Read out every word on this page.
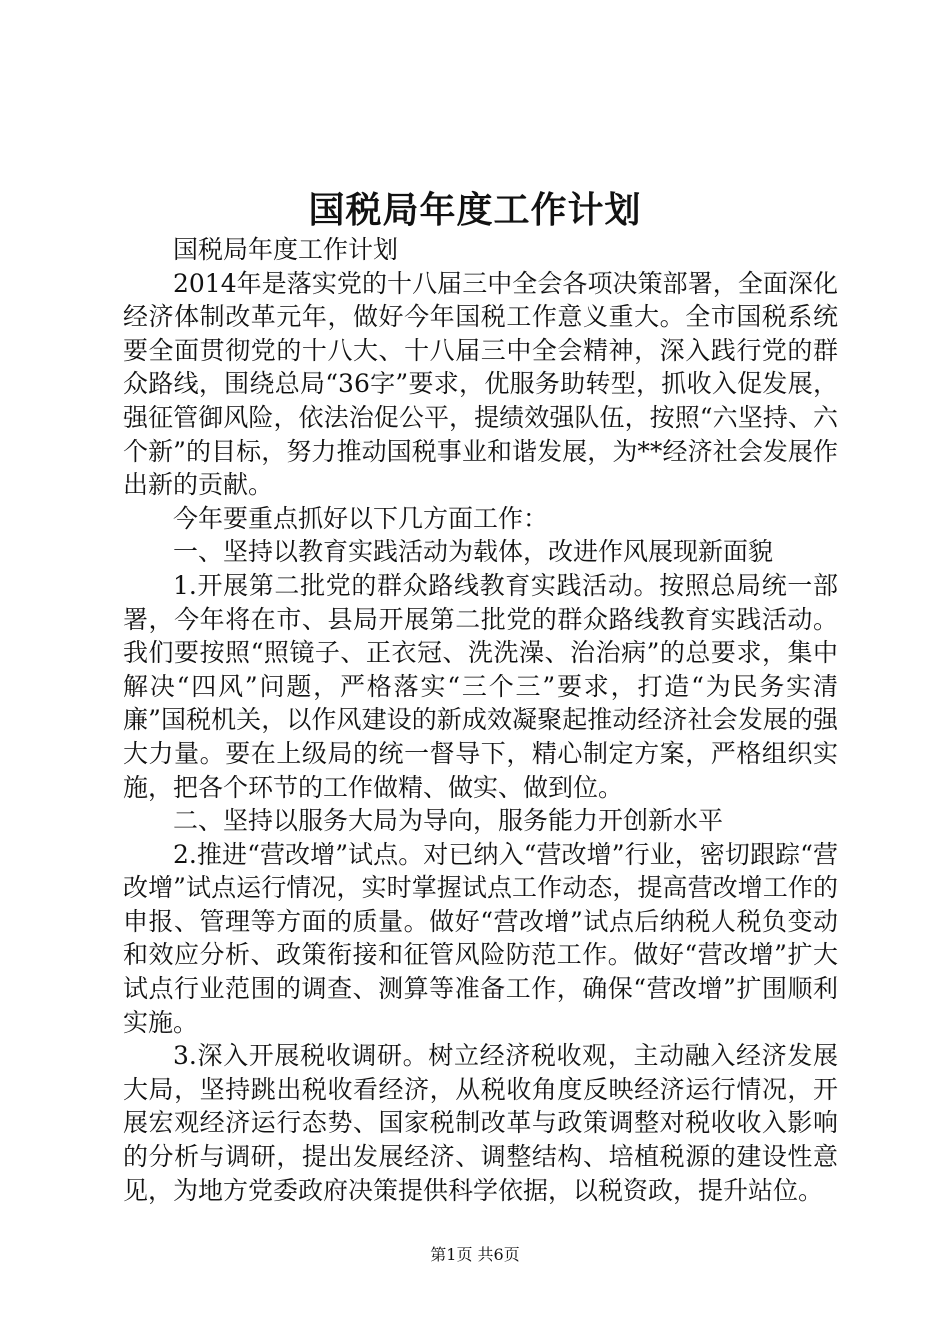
国税局年度工作计划

国税局年度工作计划

2014年是落实党的十八届三中全会各项决策部署，全面深化经济体制改革元年，做好今年国税工作意义重大。全市国税系统要全面贯彻党的十八大、十八届三中全会精神，深入践行党的群众路线，围绕总局“36字”要求，优服务助转型，抓收入促发展，强征管御风险，依法治促公平，提绩效强队伍，按照“六坚持、六个新”的目标，努力推动国税事业和谐发展，为**经济社会发展作出新的贡献。

今年要重点抓好以下几方面工作：

一、坚持以教育实践活动为载体，改进作风展现新面貌

1.开展第二批党的群众路线教育实践活动。按照总局统一部署，今年将在市、县局开展第二批党的群众路线教育实践活动。我们要按照“照镜子、正衣冠、洗洗澡、治治病”的总要求，集中解决“四风”问题，严格落实“三个三”要求，打造“为民务实清廉”国税机关，以作风建设的新成效凝聚起推动经济社会发展的强大力量。要在上级局的统一督导下，精心制定方案，严格组织实施，把各个环节的工作做精、做实、做到位。

二、坚持以服务大局为导向，服务能力开创新水平

2.推进“营改增”试点。对已纳入“营改增”行业，密切跟踪“营改增”试点运行情况，实时掌握试点工作动态，提高营改增工作的申报、管理等方面的质量。做好“营改增”试点后纳税人税负变动和效应分析、政策衔接和征管风险防范工作。做好“营改增”扩大试点行业范围的调查、测算等准备工作，确保“营改增”扩围顺利实施。

3.深入开展税收调研。树立经济税收观，主动融入经济发展大局，坚持跳出税收看经济，从税收角度反映经济运行情况，开展宏观经济运行态势、国家税制改革与政策调整对税收收入影响的分析与调研，提出发展经济、调整结构、培植税源的建设性意见，为地方党委政府决策提供科学依据，以税资政，提升站位。

第1页 共6页
